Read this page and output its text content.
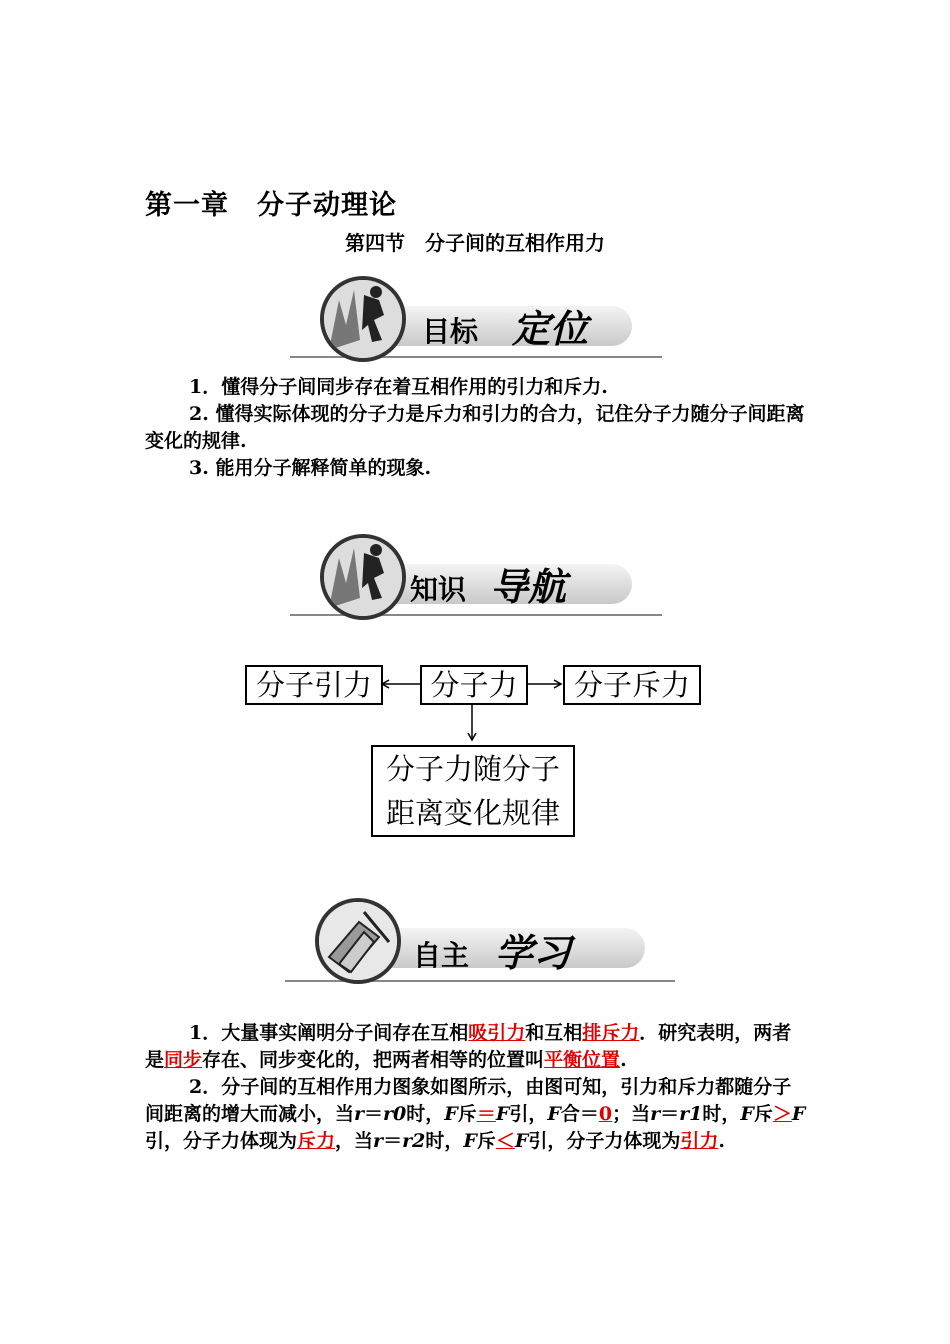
第一章　分子动理论
第四节　分子间的互相作用力
目标 定位

1．懂得分子间同步存在着互相作用的引力和斥力.

2. 懂得实际体现的分子力是斥力和引力的合力，记住分子力随分子间距离变化的规律.

3. 能用分子解释简单的现象.

知识 导航
分子引力	分子力	分子斥力
分子力随分子
距离变化规律
自主 学习

1．大量事实阐明分子间存在互相吸引力和互相排斥力．研究表明，两者是同步存在、同步变化的，把两者相等的位置叫平衡位置.

2．分子间的互相作用力图象如图所示，由图可知，引力和斥力都随分子间距离的增大而减小，当r＝r0时，F斥＝F引，F合＝0；当r＝r1时，F斥＞F引，分子力体现为斥力，当r＝r2时，F斥＜F引，分子力体现为引力.
